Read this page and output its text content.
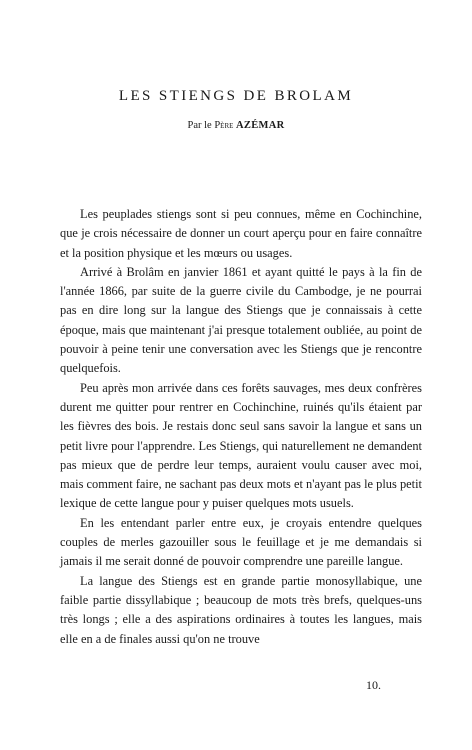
LES STIENGS DE BROLAM
Par le Père AZÉMAR

Les peuplades stiengs sont si peu connues, même en Cochinchine, que je crois nécessaire de donner un court aperçu pour en faire connaître et la position physique et les mœurs ou usages.

Arrivé à Brolâm en janvier 1861 et ayant quitté le pays à la fin de l'année 1866, par suite de la guerre civile du Cambodge, je ne pourrai pas en dire long sur la langue des Stiengs que je connaissais à cette époque, mais que maintenant j'ai presque totalement oubliée, au point de pouvoir à peine tenir une conversation avec les Stiengs que je rencontre quelquefois.

Peu après mon arrivée dans ces forêts sauvages, mes deux confrères durent me quitter pour rentrer en Cochinchine, ruinés qu'ils étaient par les fièvres des bois. Je restais donc seul sans savoir la langue et sans un petit livre pour l'apprendre. Les Stiengs, qui naturellement ne demandent pas mieux que de perdre leur temps, auraient voulu causer avec moi, mais comment faire, ne sachant pas deux mots et n'ayant pas le plus petit lexique de cette langue pour y puiser quelques mots usuels.

En les entendant parler entre eux, je croyais entendre quelques couples de merles gazouiller sous le feuillage et je me demandais si jamais il me serait donné de pouvoir comprendre une pareille langue.

La langue des Stiengs est en grande partie monosyllabique, une faible partie dissyllabique ; beaucoup de mots très brefs, quelques-uns très longs ; elle a des aspirations ordinaires à toutes les langues, mais elle en a de finales aussi qu'on ne trouve

10.
